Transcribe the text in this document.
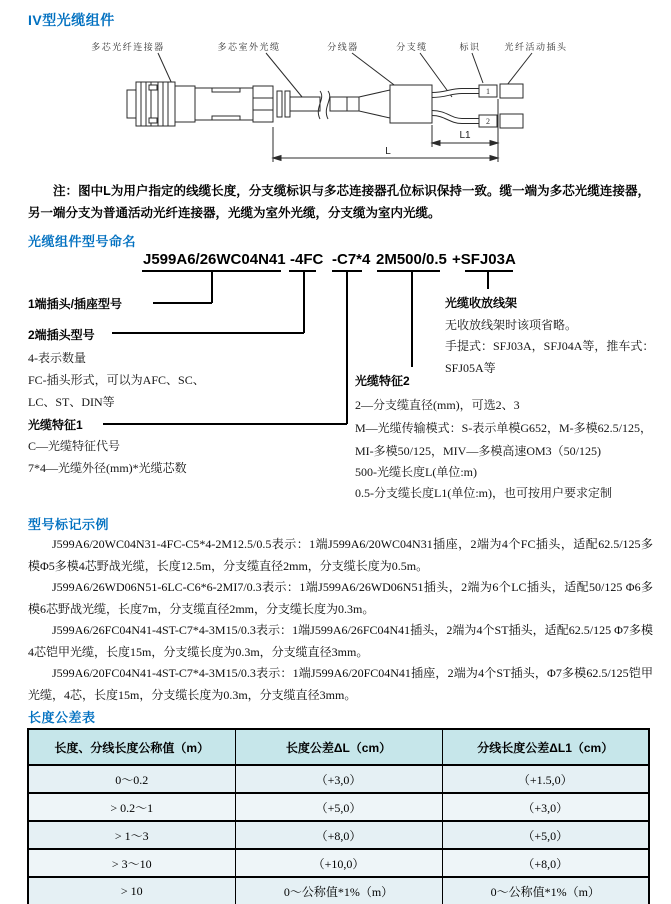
IV型光缆组件
1
2
L1
L
多芯光纤连接器	多芯室外光缆	分线器	分支缆	标识	光纤活动插头
注：图中L为用户指定的线缆长度，分支缆标识与多芯连接器孔位标识保持一致。缆一端为多芯光缆连接器，另一端分支为普通活动光纤连接器，光缆为室外光缆，分支缆为室内光缆。
光缆组件型号命名
J599A6/26WC04N41 -4FC -C7*4 2M500/0.5 +SFJ03A
1端插头/插座型号
2端插头型号
4-表示数量
FC-插头形式，可以为AFC、SC、
LC、ST、DIN等
光缆特征1
C—光缆特征代号
7*4—光缆外径(mm)*光缆芯数
光缆收放线架
无收放线架时该项省略。
手提式：SFJ03A，SFJ04A等，推车式：
SFJ05A等
光缆特征2
2—分支缆直径(mm)，可选2、3
M—光缆传输模式：S-表示单模G652，M-多模62.5/125，
MI-多模50/125，MIV—多模高速OM3（50/125)
500-光缆长度L(单位:m)
0.5-分支缆长度L1(单位:m)，也可按用户要求定制
型号标记示例

J599A6/20WC04N31-4FC-C5*4-2M12.5/0.5表示：1端J599A6/20WC04N31插座，2端为4个FC插头，适配62.5/125多模Φ5多模4芯野战光缆，长度12.5m，分支缆直径2mm，分支缆长度为0.5m。

J599A6/26WD06N51-6LC-C6*6-2MI7/0.3表示：1端J599A6/26WD06N51插头，2端为6个LC插头，适配50/125 Φ6多模6芯野战光缆，长度7m，分支缆直径2mm，分支缆长度为0.3m。

J599A6/26FC04N41-4ST-C7*4-3M15/0.3表示：1端J599A6/26FC04N41插头，2端为4个ST插头，适配62.5/125 Φ7多模4芯铠甲光缆，长度15m，分支缆长度为0.3m，分支缆直径3mm。

J599A6/20FC04N41-4ST-C7*4-3M15/0.3表示：1端J599A6/20FC04N41插座，2端为4个ST插头，Φ7多模62.5/125铠甲光缆，4芯，长度15m，分支缆长度为0.3m，分支缆直径3mm。

长度公差表
长度、分线长度公称值（m）	长度公差ΔL（cm）	分线长度公差ΔL1（cm）
0～0.2	（+3,0）	（+1.5,0）
> 0.2～1	（+5,0）	（+3,0）
> 1～3	（+8,0）	（+5,0）
> 3～10	（+10,0）	（+8,0）
> 10	0～公称值*1%（m）	0～公称值*1%（m）
